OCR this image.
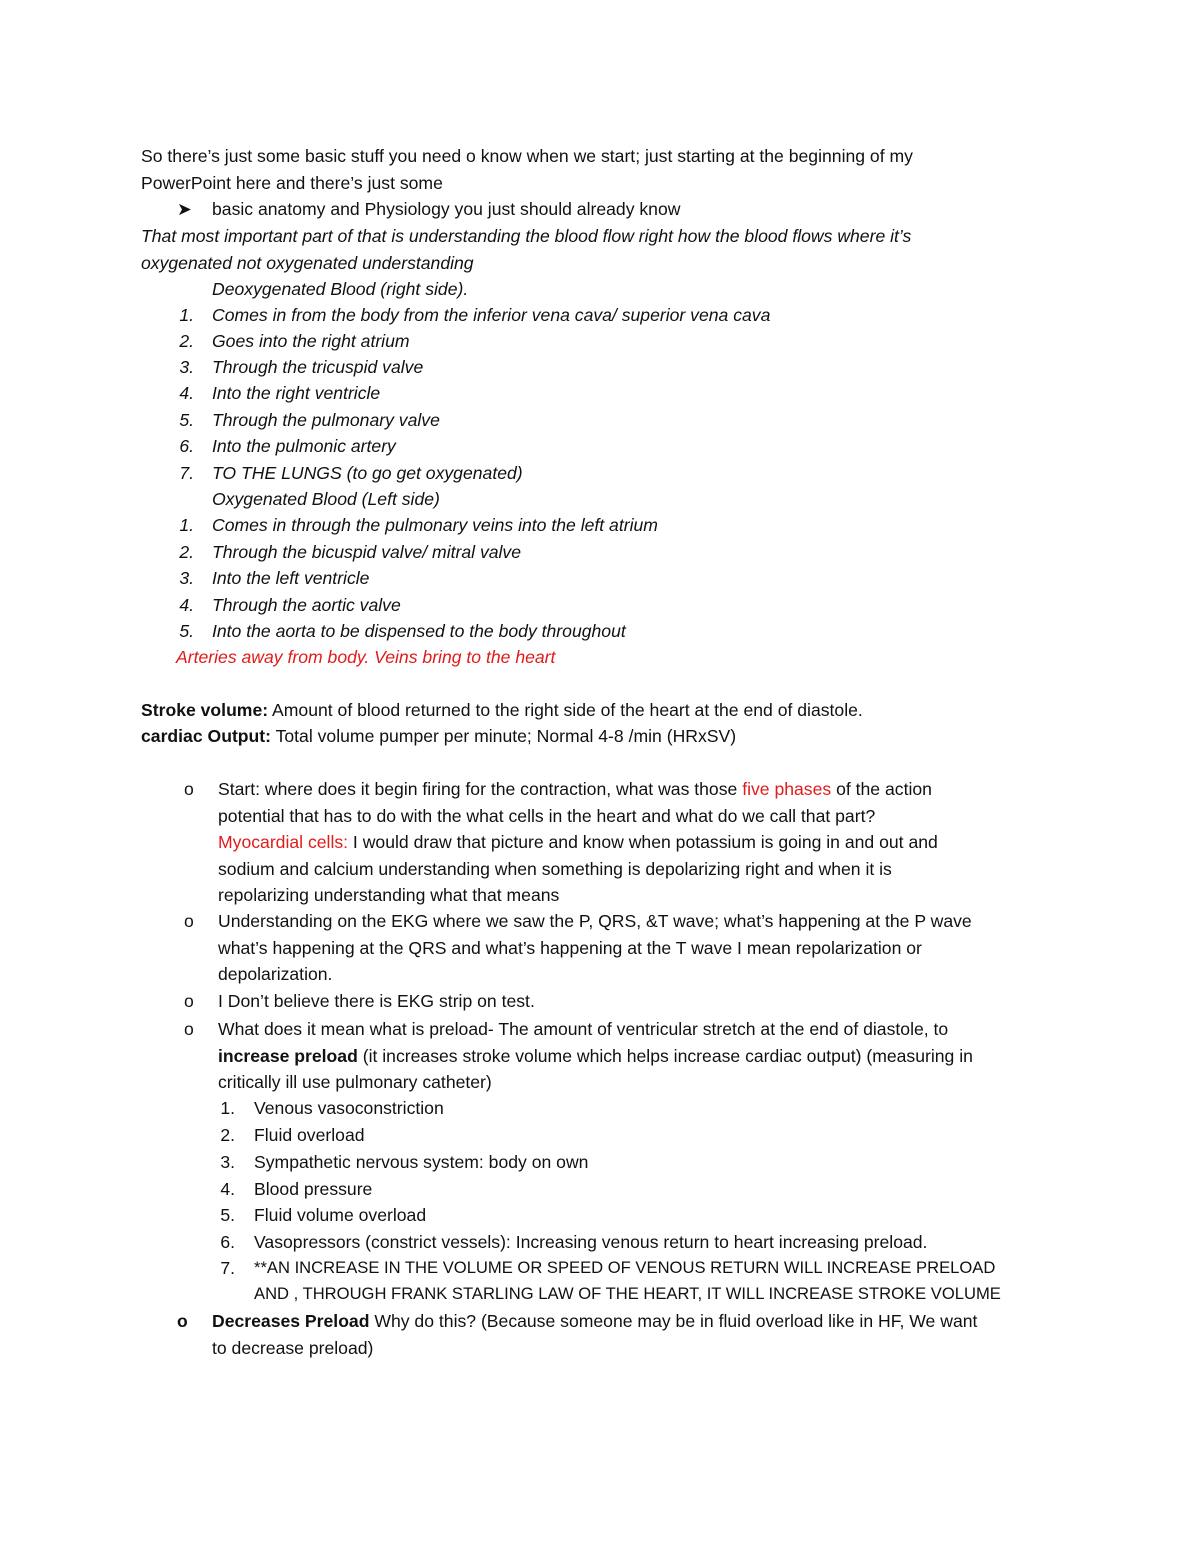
So there’s just some basic stuff you need o know when we start; just starting at the beginning of my
PowerPoint here and there’s just some
➤ basic anatomy and Physiology you just should already know
That most important part of that is understanding the blood flow right how the blood flows where it’s
oxygenated not oxygenated understanding
Deoxygenated Blood (right side).
1. Comes in from the body from the inferior vena cava/ superior vena cava
2. Goes into the right atrium
3. Through the tricuspid valve
4. Into the right ventricle
5. Through the pulmonary valve
6. Into the pulmonic artery
7. TO THE LUNGS (to go get oxygenated)
Oxygenated Blood (Left side)
1. Comes in through the pulmonary veins into the left atrium
2. Through the bicuspid valve/ mitral valve
3. Into the left ventricle
4. Through the aortic valve
5. Into the aorta to be dispensed to the body throughout
Arteries away from body. Veins bring to the heart
Stroke volume: Amount of blood returned to the right side of the heart at the end of diastole.
cardiac Output: Total volume pumper per minute; Normal 4-8 /min (HRxSV)
o Start: where does it begin firing for the contraction, what was those five phases of the action
potential that has to do with the what cells in the heart and what do we call that part?
Myocardial cells: I would draw that picture and know when potassium is going in and out and
sodium and calcium understanding when something is depolarizing right and when it is
repolarizing understanding what that means
o Understanding on the EKG where we saw the P, QRS, &T wave; what’s happening at the P wave
what’s happening at the QRS and what’s happening at the T wave I mean repolarization or
depolarization.
o I Don’t believe there is EKG strip on test.
o What does it mean what is preload- The amount of ventricular stretch at the end of diastole, to
increase preload (it increases stroke volume which helps increase cardiac output) (measuring in
critically ill use pulmonary catheter)
1. Venous vasoconstriction
2. Fluid overload
3. Sympathetic nervous system: body on own
4. Blood pressure
5. Fluid volume overload
6. Vasopressors (constrict vessels): Increasing venous return to heart increasing preload.
7. **AN INCREASE IN THE VOLUME OR SPEED OF VENOUS RETURN WILL INCREASE PRELOAD
AND , THROUGH FRANK STARLING LAW OF THE HEART, IT WILL INCREASE STROKE VOLUME
o Decreases Preload Why do this? (Because someone may be in fluid overload like in HF, We want
to decrease preload)
